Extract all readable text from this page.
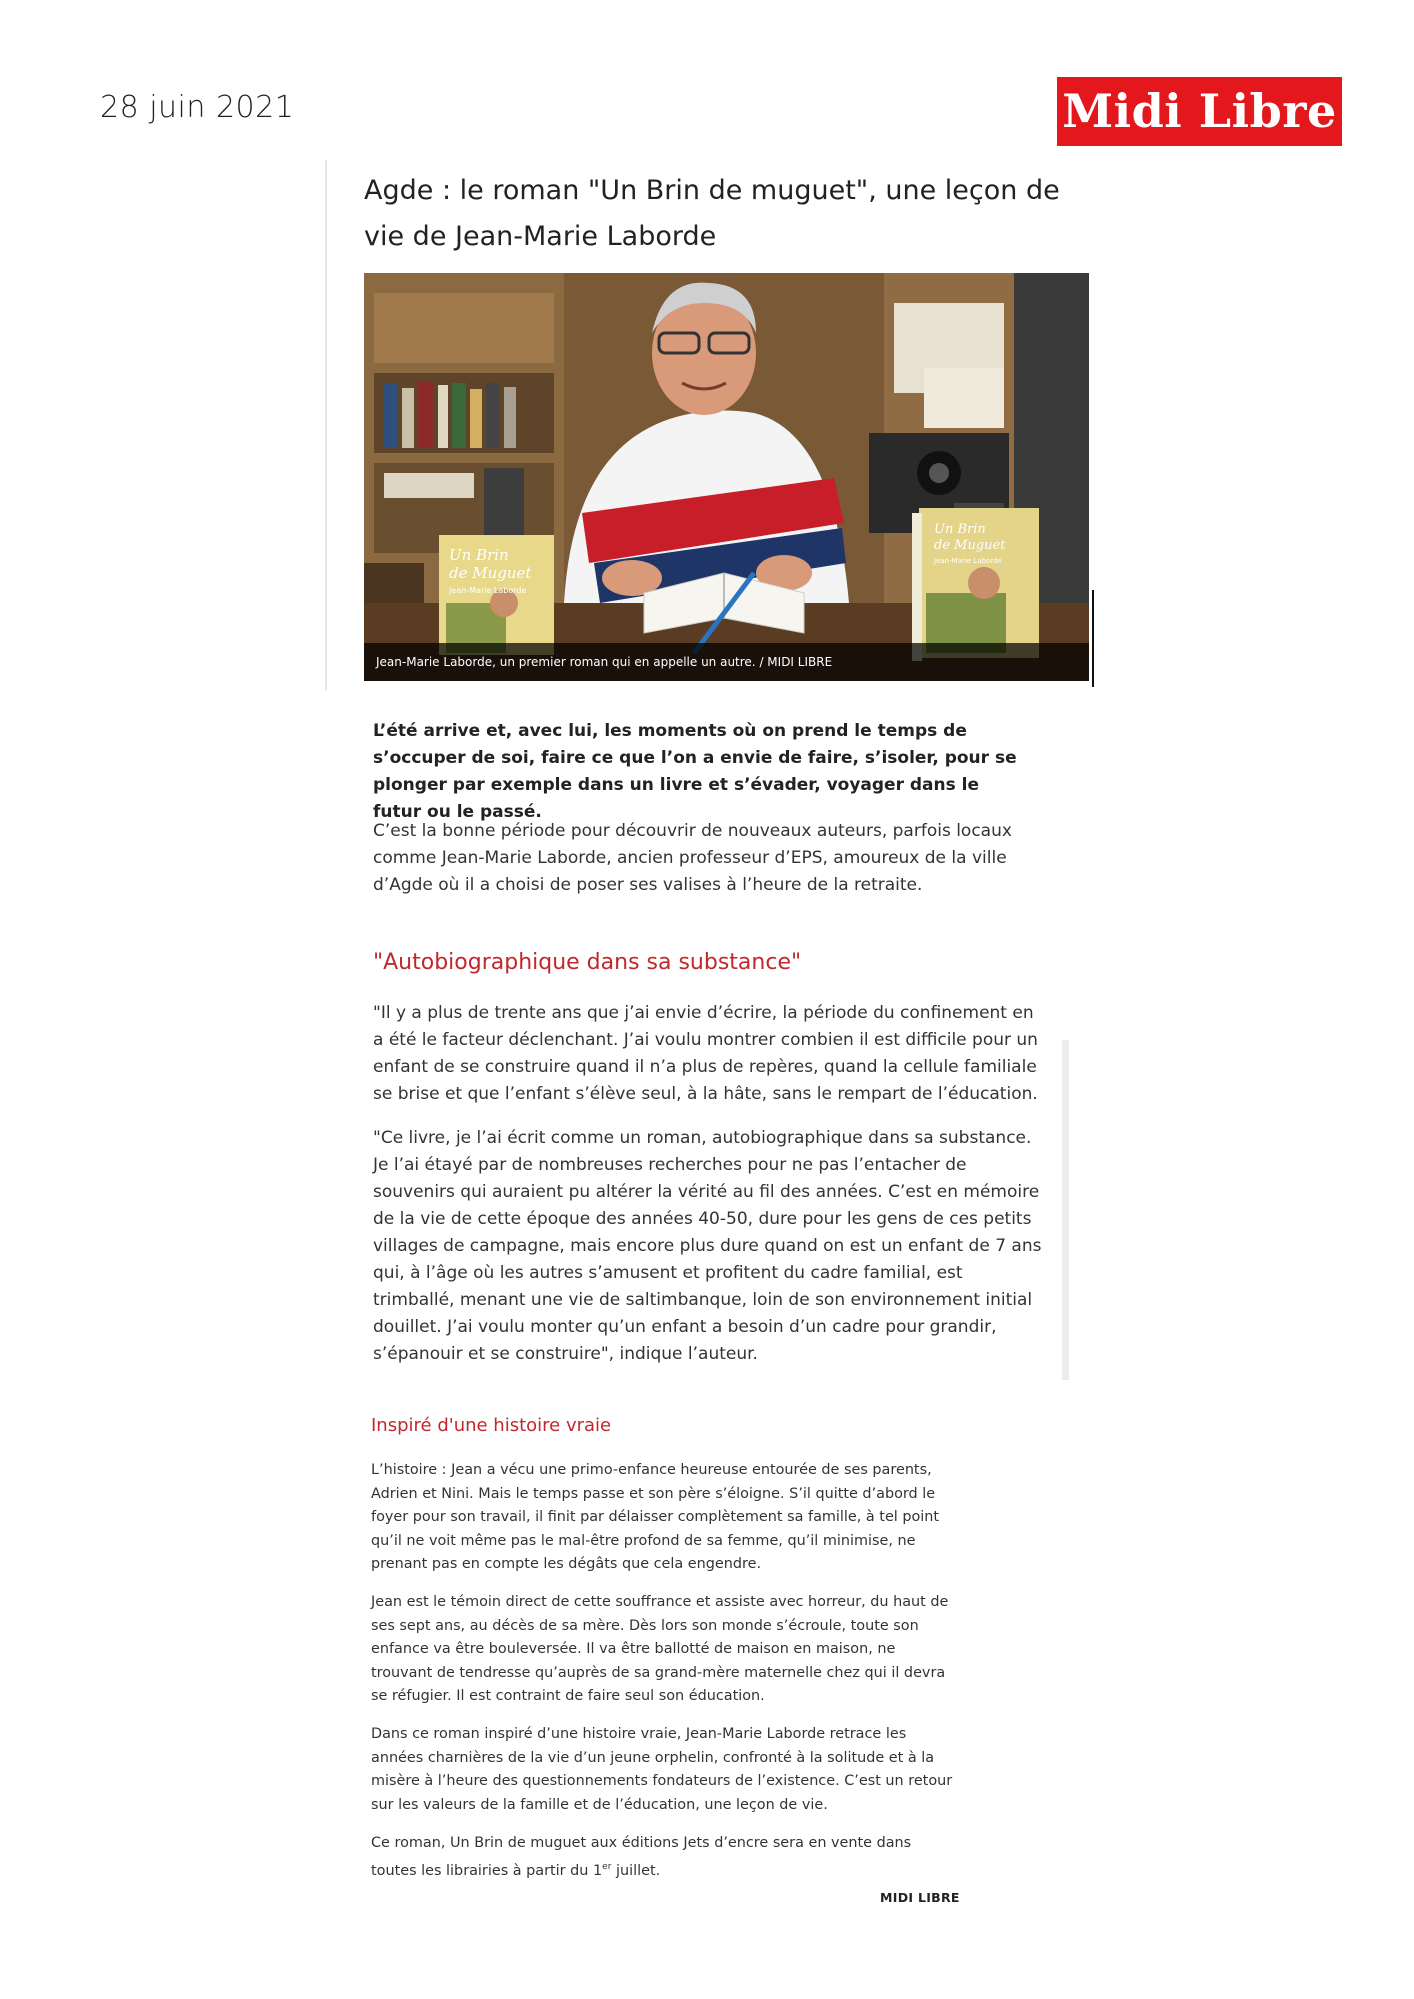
28 juin 2021	Midi Libre
Agde : le roman "Un Brin de muguet", une leçon de vie de Jean-Marie Laborde
Un Brin
de Muguet
Jean-Marie Laborde
Un Brin
de Muguet
Jean-Marie Laborde
Jean-Marie Laborde, un premier roman qui en appelle un autre. / MIDI LIBRE

L’été arrive et, avec lui, les moments où on prend le temps de s’occuper de soi, faire ce que l’on a envie de faire, s’isoler, pour se plonger par exemple dans un livre et s’évader, voyager dans le futur ou le passé.

C’est la bonne période pour découvrir de nouveaux auteurs, parfois locaux comme Jean-Marie Laborde, ancien professeur d’EPS, amoureux de la ville d’Agde où il a choisi de poser ses valises à l’heure de la retraite.

"Autobiographique dans sa substance"

"Il y a plus de trente ans que j’ai envie d’écrire, la période du confinement en a été le facteur déclenchant. J’ai voulu montrer combien il est difficile pour un enfant de se construire quand il n’a plus de repères, quand la cellule familiale se brise et que l’enfant s’élève seul, à la hâte, sans le rempart de l’éducation.

"Ce livre, je l’ai écrit comme un roman, autobiographique dans sa substance. Je l’ai étayé par de nombreuses recherches pour ne pas l’entacher de souvenirs qui auraient pu altérer la vérité au fil des années. C’est en mémoire de la vie de cette époque des années 40-50, dure pour les gens de ces petits villages de campagne, mais encore plus dure quand on est un enfant de 7 ans qui, à l’âge où les autres s’amusent et profitent du cadre familial, est trimballé, menant une vie de saltimbanque, loin de son environnement initial douillet. J’ai voulu monter qu’un enfant a besoin d’un cadre pour grandir, s’épanouir et se construire", indique l’auteur.

Inspiré d'une histoire vraie

L’histoire : Jean a vécu une primo-enfance heureuse entourée de ses parents, Adrien et Nini. Mais le temps passe et son père s’éloigne. S’il quitte d’abord le foyer pour son travail, il finit par délaisser complètement sa famille, à tel point qu’il ne voit même pas le mal-être profond de sa femme, qu’il minimise, ne prenant pas en compte les dégâts que cela engendre.

Jean est le témoin direct de cette souffrance et assiste avec horreur, du haut de ses sept ans, au décès de sa mère. Dès lors son monde s’écroule, toute son enfance va être bouleversée. Il va être ballotté de maison en maison, ne trouvant de tendresse qu’auprès de sa grand-mère maternelle chez qui il devra se réfugier. Il est contraint de faire seul son éducation.

Dans ce roman inspiré d’une histoire vraie, Jean-Marie Laborde retrace les années charnières de la vie d’un jeune orphelin, confronté à la solitude et à la misère à l’heure des questionnements fondateurs de l’existence. C’est un retour sur les valeurs de la famille et de l’éducation, une leçon de vie.

Ce roman, Un Brin de muguet aux éditions Jets d’encre sera en vente dans toutes les librairies à partir du 1er juillet.

MIDI LIBRE
